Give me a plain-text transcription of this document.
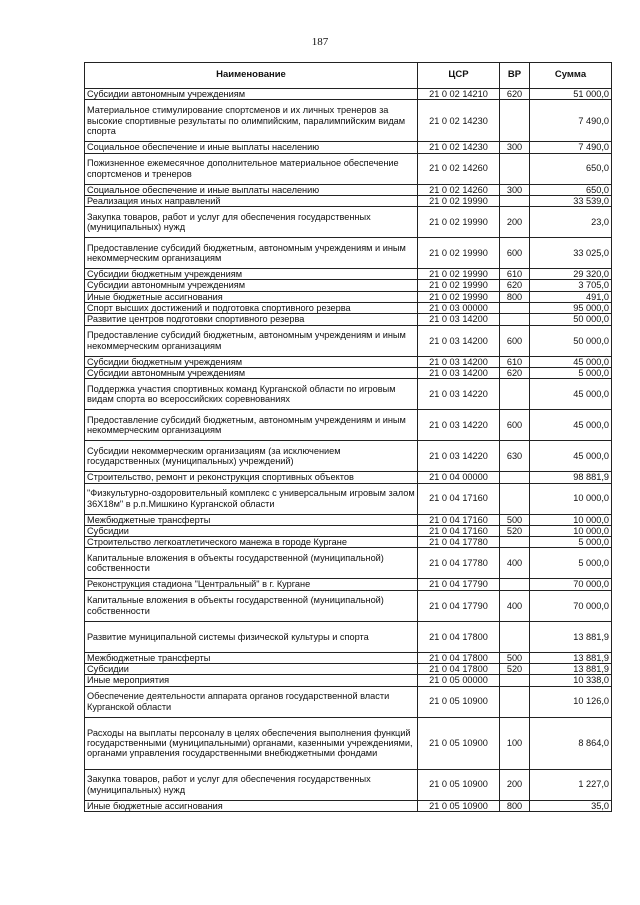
187
Наименование	ЦСР	ВР	Сумма
Субсидии автономным учреждениям	21 0 02 14210	620	51 000,0
Материальное стимулирование спортсменов и их личных тренеров за высокие спортивные результаты по олимпийским, паралимпийским видам спорта	21 0 02 14230		7 490,0
Социальное обеспечение и иные выплаты населению	21 0 02 14230	300	7 490,0
Пожизненное ежемесячное дополнительное материальное обеспечение спортсменов и тренеров	21 0 02 14260		650,0
Социальное обеспечение и иные выплаты населению	21 0 02 14260	300	650,0
Реализация иных направлений	21 0 02 19990		33 539,0
Закупка товаров, работ и услуг для обеспечения государственных (муниципальных) нужд	21 0 02 19990	200	23,0
Предоставление субсидий бюджетным, автономным учреждениям и иным некоммерческим организациям	21 0 02 19990	600	33 025,0
Субсидии бюджетным учреждениям	21 0 02 19990	610	29 320,0
Субсидии автономным учреждениям	21 0 02 19990	620	3 705,0
Иные бюджетные ассигнования	21 0 02 19990	800	491,0
Спорт высших достижений и подготовка спортивного резерва	21 0 03 00000		95 000,0
Развитие центров подготовки спортивного резерва	21 0 03 14200		50 000,0
Предоставление субсидий бюджетным, автономным учреждениям и иным некоммерческим организациям	21 0 03 14200	600	50 000,0
Субсидии бюджетным учреждениям	21 0 03 14200	610	45 000,0
Субсидии автономным учреждениям	21 0 03 14200	620	5 000,0
Поддержка участия спортивных команд Курганской области по игровым видам спорта во всероссийских соревнованиях	21 0 03 14220		45 000,0
Предоставление субсидий бюджетным, автономным учреждениям и иным некоммерческим организациям	21 0 03 14220	600	45 000,0
Субсидии некоммерческим организациям (за исключением государственных (муниципальных) учреждений)	21 0 03 14220	630	45 000,0
Строительство, ремонт и реконструкция спортивных объектов	21 0 04 00000		98 881,9
"Физкультурно-оздоровительный комплекс с универсальным игровым залом 36Х18м" в р.п.Мишкино Курганской области	21 0 04 17160		10 000,0
Межбюджетные трансферты	21 0 04 17160	500	10 000,0
Субсидии	21 0 04 17160	520	10 000,0
Строительство легкоатлетического манежа в городе Кургане	21 0 04 17780		5 000,0
Капитальные вложения в объекты государственной (муниципальной) собственности	21 0 04 17780	400	5 000,0
Реконструкция стадиона "Центральный" в г. Кургане	21 0 04 17790		70 000,0
Капитальные вложения в объекты государственной (муниципальной) собственности	21 0 04 17790	400	70 000,0
Развитие муниципальной системы физической культуры и спорта	21 0 04 17800		13 881,9
Межбюджетные трансферты	21 0 04 17800	500	13 881,9
Субсидии	21 0 04 17800	520	13 881,9
Иные мероприятия	21 0 05 00000		10 338,0
Обеспечение деятельности аппарата органов государственной власти Курганской области	21 0 05 10900		10 126,0
Расходы на выплаты персоналу в целях обеспечения выполнения функций государственными (муниципальными) органами, казенными учреждениями, органами управления государственными внебюджетными фондами	21 0 05 10900	100	8 864,0
Закупка товаров, работ и услуг для обеспечения государственных (муниципальных) нужд	21 0 05 10900	200	1 227,0
Иные бюджетные ассигнования	21 0 05 10900	800	35,0
